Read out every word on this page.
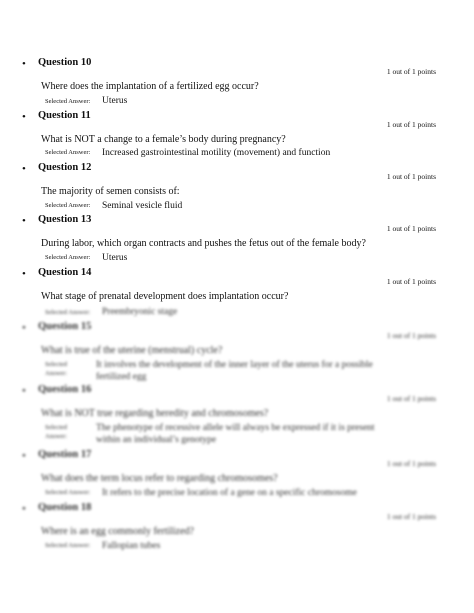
• Question 10
1 out of 1 points
Where does the implantation of a fertilized egg occur?
Selected Answer: Uterus
• Question 11
1 out of 1 points
What is NOT a change to a female’s body during pregnancy?
Selected Answer: Increased gastrointestinal motility (movement) and function
• Question 12
1 out of 1 points
The majority of semen consists of:
Selected Answer: Seminal vesicle fluid
• Question 13
1 out of 1 points
During labor, which organ contracts and pushes the fetus out of the female body?
Selected Answer: Uterus
• Question 14
1 out of 1 points
What stage of prenatal development does implantation occur?
Selected Answer: Preembryonic stage
• Question 15
1 out of 1 points
What is true of the uterine (menstrual) cycle?
Selected Answer:
It involves the development of the inner layer of the uterus for a possible fertilized egg
• Question 16
1 out of 1 points
What is NOT true regarding heredity and chromosomes?
Selected Answer:
The phenotype of recessive allele will always be expressed if it is present within an individual’s genotype
• Question 17
1 out of 1 points
What does the term locus refer to regarding chromosomes?
Selected Answer: It refers to the precise location of a gene on a specific chromosome
• Question 18
1 out of 1 points
Where is an egg commonly fertilized?
Selected Answer: Fallopian tubes
